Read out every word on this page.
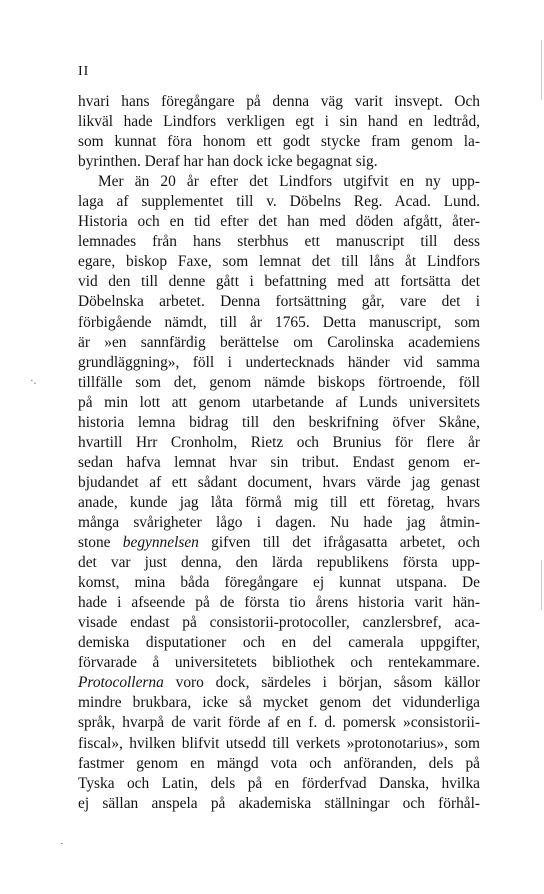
II
hvari hans föregångare på denna väg varit insvept. Och
likväl hade Lindfors verkligen egt i sin hand en ledtråd,
som kunnat föra honom ett godt stycke fram genom la-
byrinthen. Deraf har han dock icke begagnat sig.
Mer än 20 år efter det Lindfors utgifvit en ny upp-
laga af supplementet till v. Döbelns Reg. Acad. Lund.
Historia och en tid efter det han med döden afgått, åter-
lemnades från hans sterbhus ett manuscript till dess
egare, biskop Faxe, som lemnat det till låns åt Lindfors
vid den till denne gått i befattning med att fortsätta det
Döbelnska arbetet. Denna fortsättning går, vare det i
förbigående nämdt, till år 1765. Detta manuscript, som
är »en sannfärdig berättelse om Carolinska academiens
grundläggning», föll i undertecknads händer vid samma
tillfälle som det, genom nämde biskops förtroende, föll
på min lott att genom utarbetande af Lunds universitets
historia lemna bidrag till den beskrifning öfver Skåne,
hvartill Hrr Cronholm, Rietz och Brunius för flere år
sedan hafva lemnat hvar sin tribut. Endast genom er-
bjudandet af ett sådant document, hvars värde jag genast
anade, kunde jag låta förmå mig till ett företag, hvars
många svårigheter lågo i dagen. Nu hade jag åtmin-
stone begynnelsen gifven till det ifrågasatta arbetet, och
det var just denna, den lärda republikens första upp-
komst, mina båda föregångare ej kunnat utspana. De
hade i afseende på de första tio årens historia varit hän-
visade endast på consistorii-protocoller, canzlersbref, aca-
demiska disputationer och en del camerala uppgifter,
förvarade å universitetets bibliothek och rentekammare.
Protocollerna voro dock, särdeles i början, såsom källor
mindre brukbara, icke så mycket genom det vidunderliga
språk, hvarpå de varit förde af en f. d. pomersk »consistorii-
fiscal», hvilken blifvit utsedd till verkets »protonotarius», som
fastmer genom en mängd vota och anföranden, dels på
Tyska och Latin, dels på en förderfvad Danska, hvilka
ej sällan anspela på akademiska ställningar och förhål-
·.
·
